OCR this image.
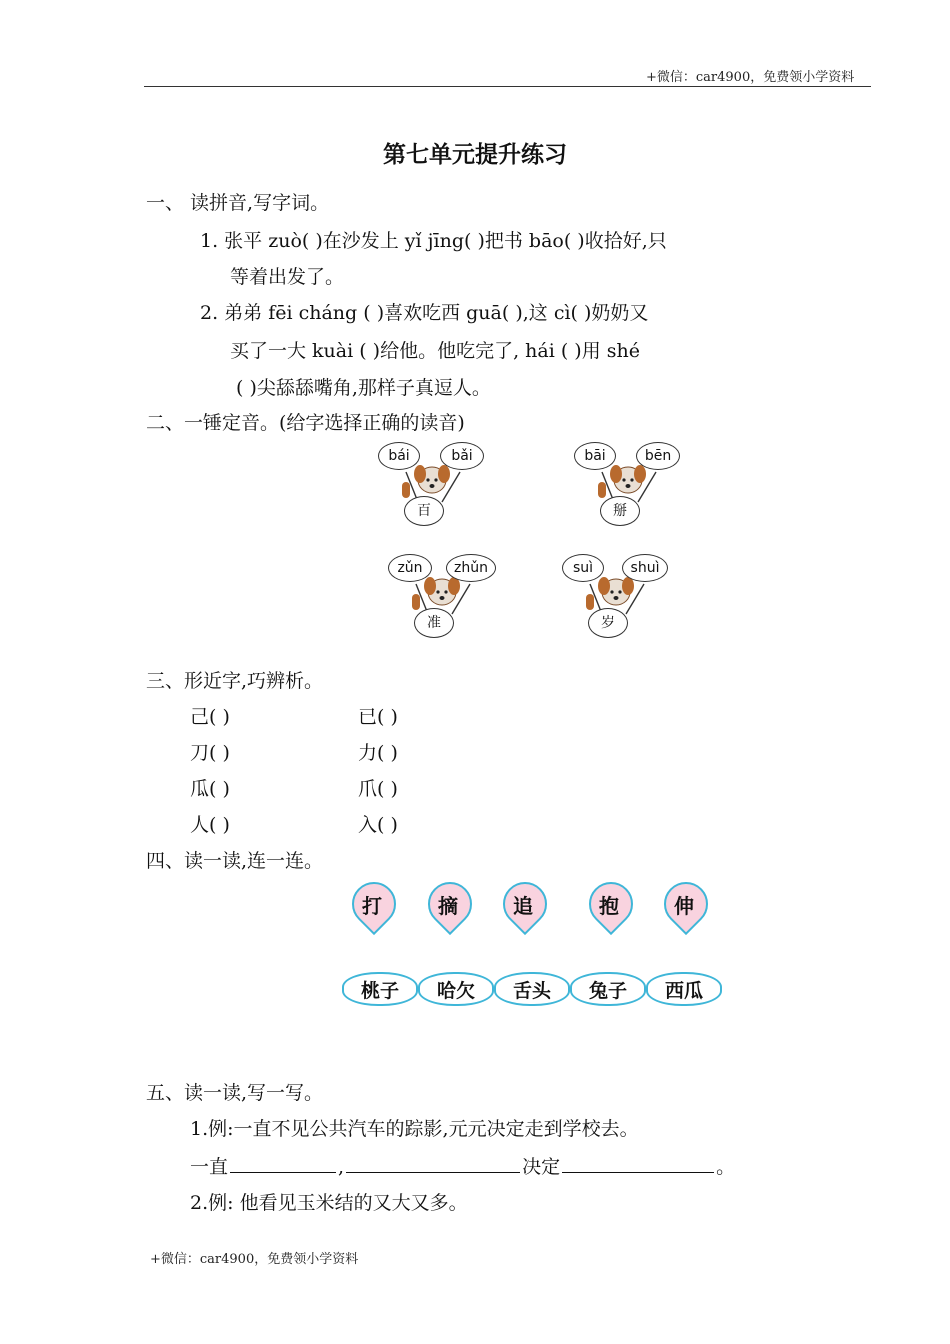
+微信：car4900，免费领小学资料
第七单元提升练习
一、 读拼音,写字词。
1. 张平 zuò( )在沙发上 yǐ jīng( )把书 bāo( )收拾好,只
等着出发了。
2. 弟弟 fēi cháng ( )喜欢吃西 guā( ),这 cì( )奶奶又
买了一大 kuài ( )给他。他吃完了, hái ( )用 shé
( )尖舔舔嘴角,那样子真逗人。
二、一锤定音。(给字选择正确的读音)
bái	bǎi
百
bāi	bēn
掰
zǔn	zhǔn
准
suì	shuì
岁
三、形近字,巧辨析。
己( )	已( )
刀( )	力( )
瓜( )	爪( )
人( )	入( )
四、读一读,连一连。
打	摘	追	抱	伸
桃子	哈欠	舌头	兔子	西瓜
五、读一读,写一写。
1.例:一直不见公共汽车的踪影,元元决定走到学校去。
一直	,	决定	。
2.例: 他看见玉米结的又大又多。
+微信：car4900，免费领小学资料
